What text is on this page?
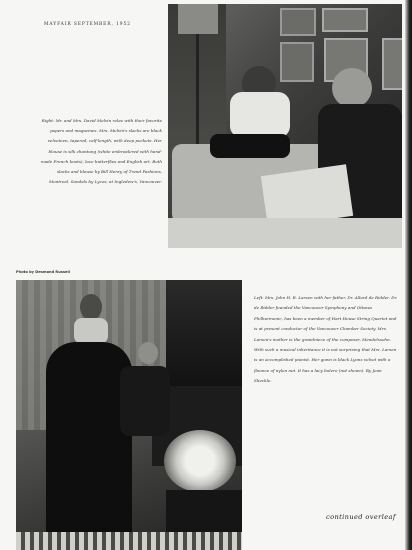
MAYFAIR SEPTEMBER, 1952
Right: Mr. and Mrs. David Melvin relax with their favorite papers and magazines. Mrs. Melvin's slacks are black velveteen, tapered, calf-length, with deep pockets. Her blouse is silk chantung (white embroidered with hand-made French knots), lace butterflies and English art. Both slacks and blouse by Bill Henry of Trend Fashions, Montreal. Sandals by Lycos, at Ingledew's, Vancouver.
Photo by Desmond Russell
Left: Mrs. John H. R. Larsen with her father, Dr. Allard de Ridder. Dr. de Ridder founded the Vancouver Symphony and Ottawa Philharmonic, has been a member of Hart House String Quartet and is at present conductor of the Vancouver Chamber Society. Mrs. Larsen's mother is the grandniece of the composer, Mendelssohn. With such a musical inheritance it is not surprising that Mrs. Larsen is an accomplished pianist. Her gown is black Lyons velvet with a flounce of nylon net. It has a lacy bolero (not shown). By Jean Sheckle.
continued overleaf
